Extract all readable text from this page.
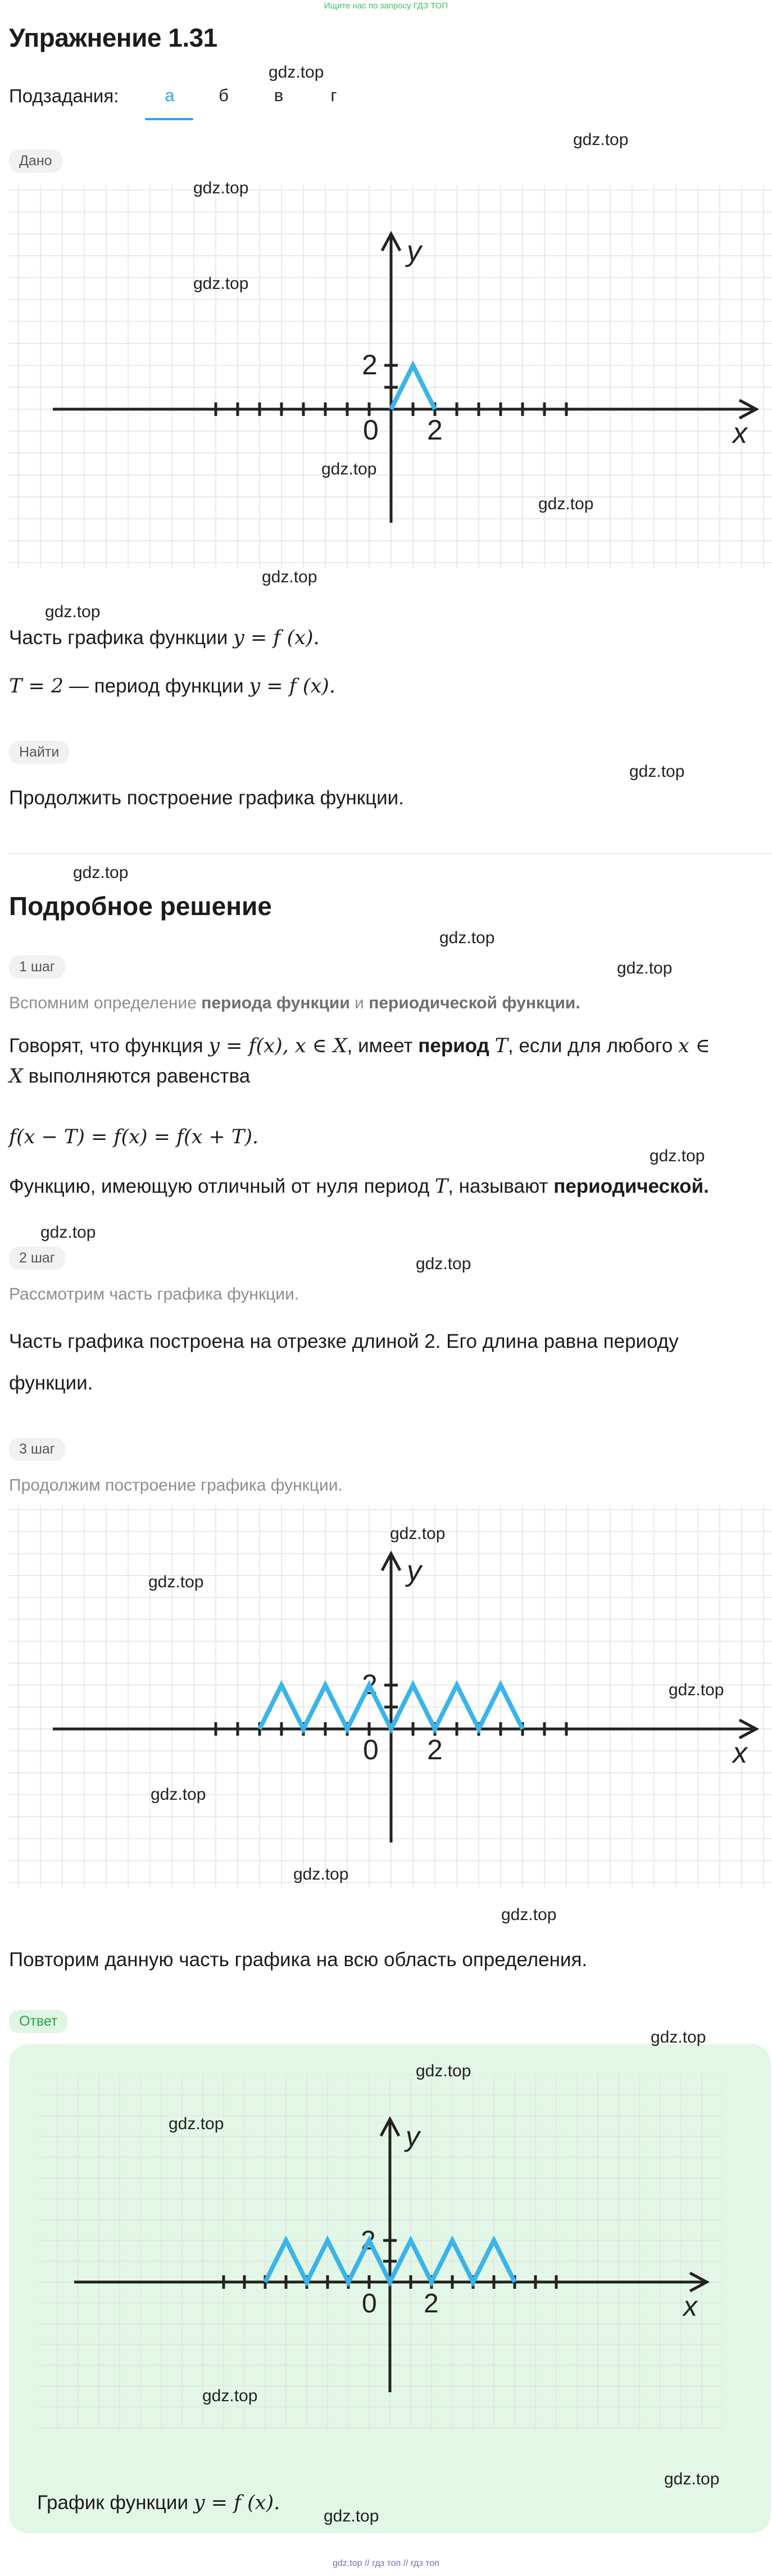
Ищите нас по запросу ГДЗ ТОП
Упражнение 1.31
Подзадания:	а	б	в	г
Дано
y
x
0 2
2
Часть графика функции y = f (x).
T = 2 — период функции y = f (x).
Найти
Продолжить построение графика функции.
Подробное решение
1 шаг
Вспомним определение периода функции и периодической функции.
Говорят, что функция y = f(x), x ∈ X, имеет период T, если для любого x ∈
X выполняются равенства
f(x − T) = f(x) = f(x + T).
Функцию, имеющую отличный от нуля период T, называют периодической.
2 шаг
Рассмотрим часть графика функции.
Часть графика построена на отрезке длиной 2. Его длина равна периоду
функции.
3 шаг
Продолжим построение графика функции.
y
x
0 2
2
Повторим данную часть графика на всю область определения.
Ответ
y
x
0 2
2
График функции y = f (x).
gdz.top
gdz.top
gdz.top
gdz.top
gdz.top
gdz.top
gdz.top
gdz.top
gdz.top
gdz.top
gdz.top
gdz.top
gdz.top
gdz.top
gdz.top
gdz.top
gdz.top
gdz.top
gdz.top
gdz.top
gdz.top
gdz.top
gdz.top
gdz.top
gdz.top
gdz.top
gdz.top
gdz.top // гдз топ // гдз топ
